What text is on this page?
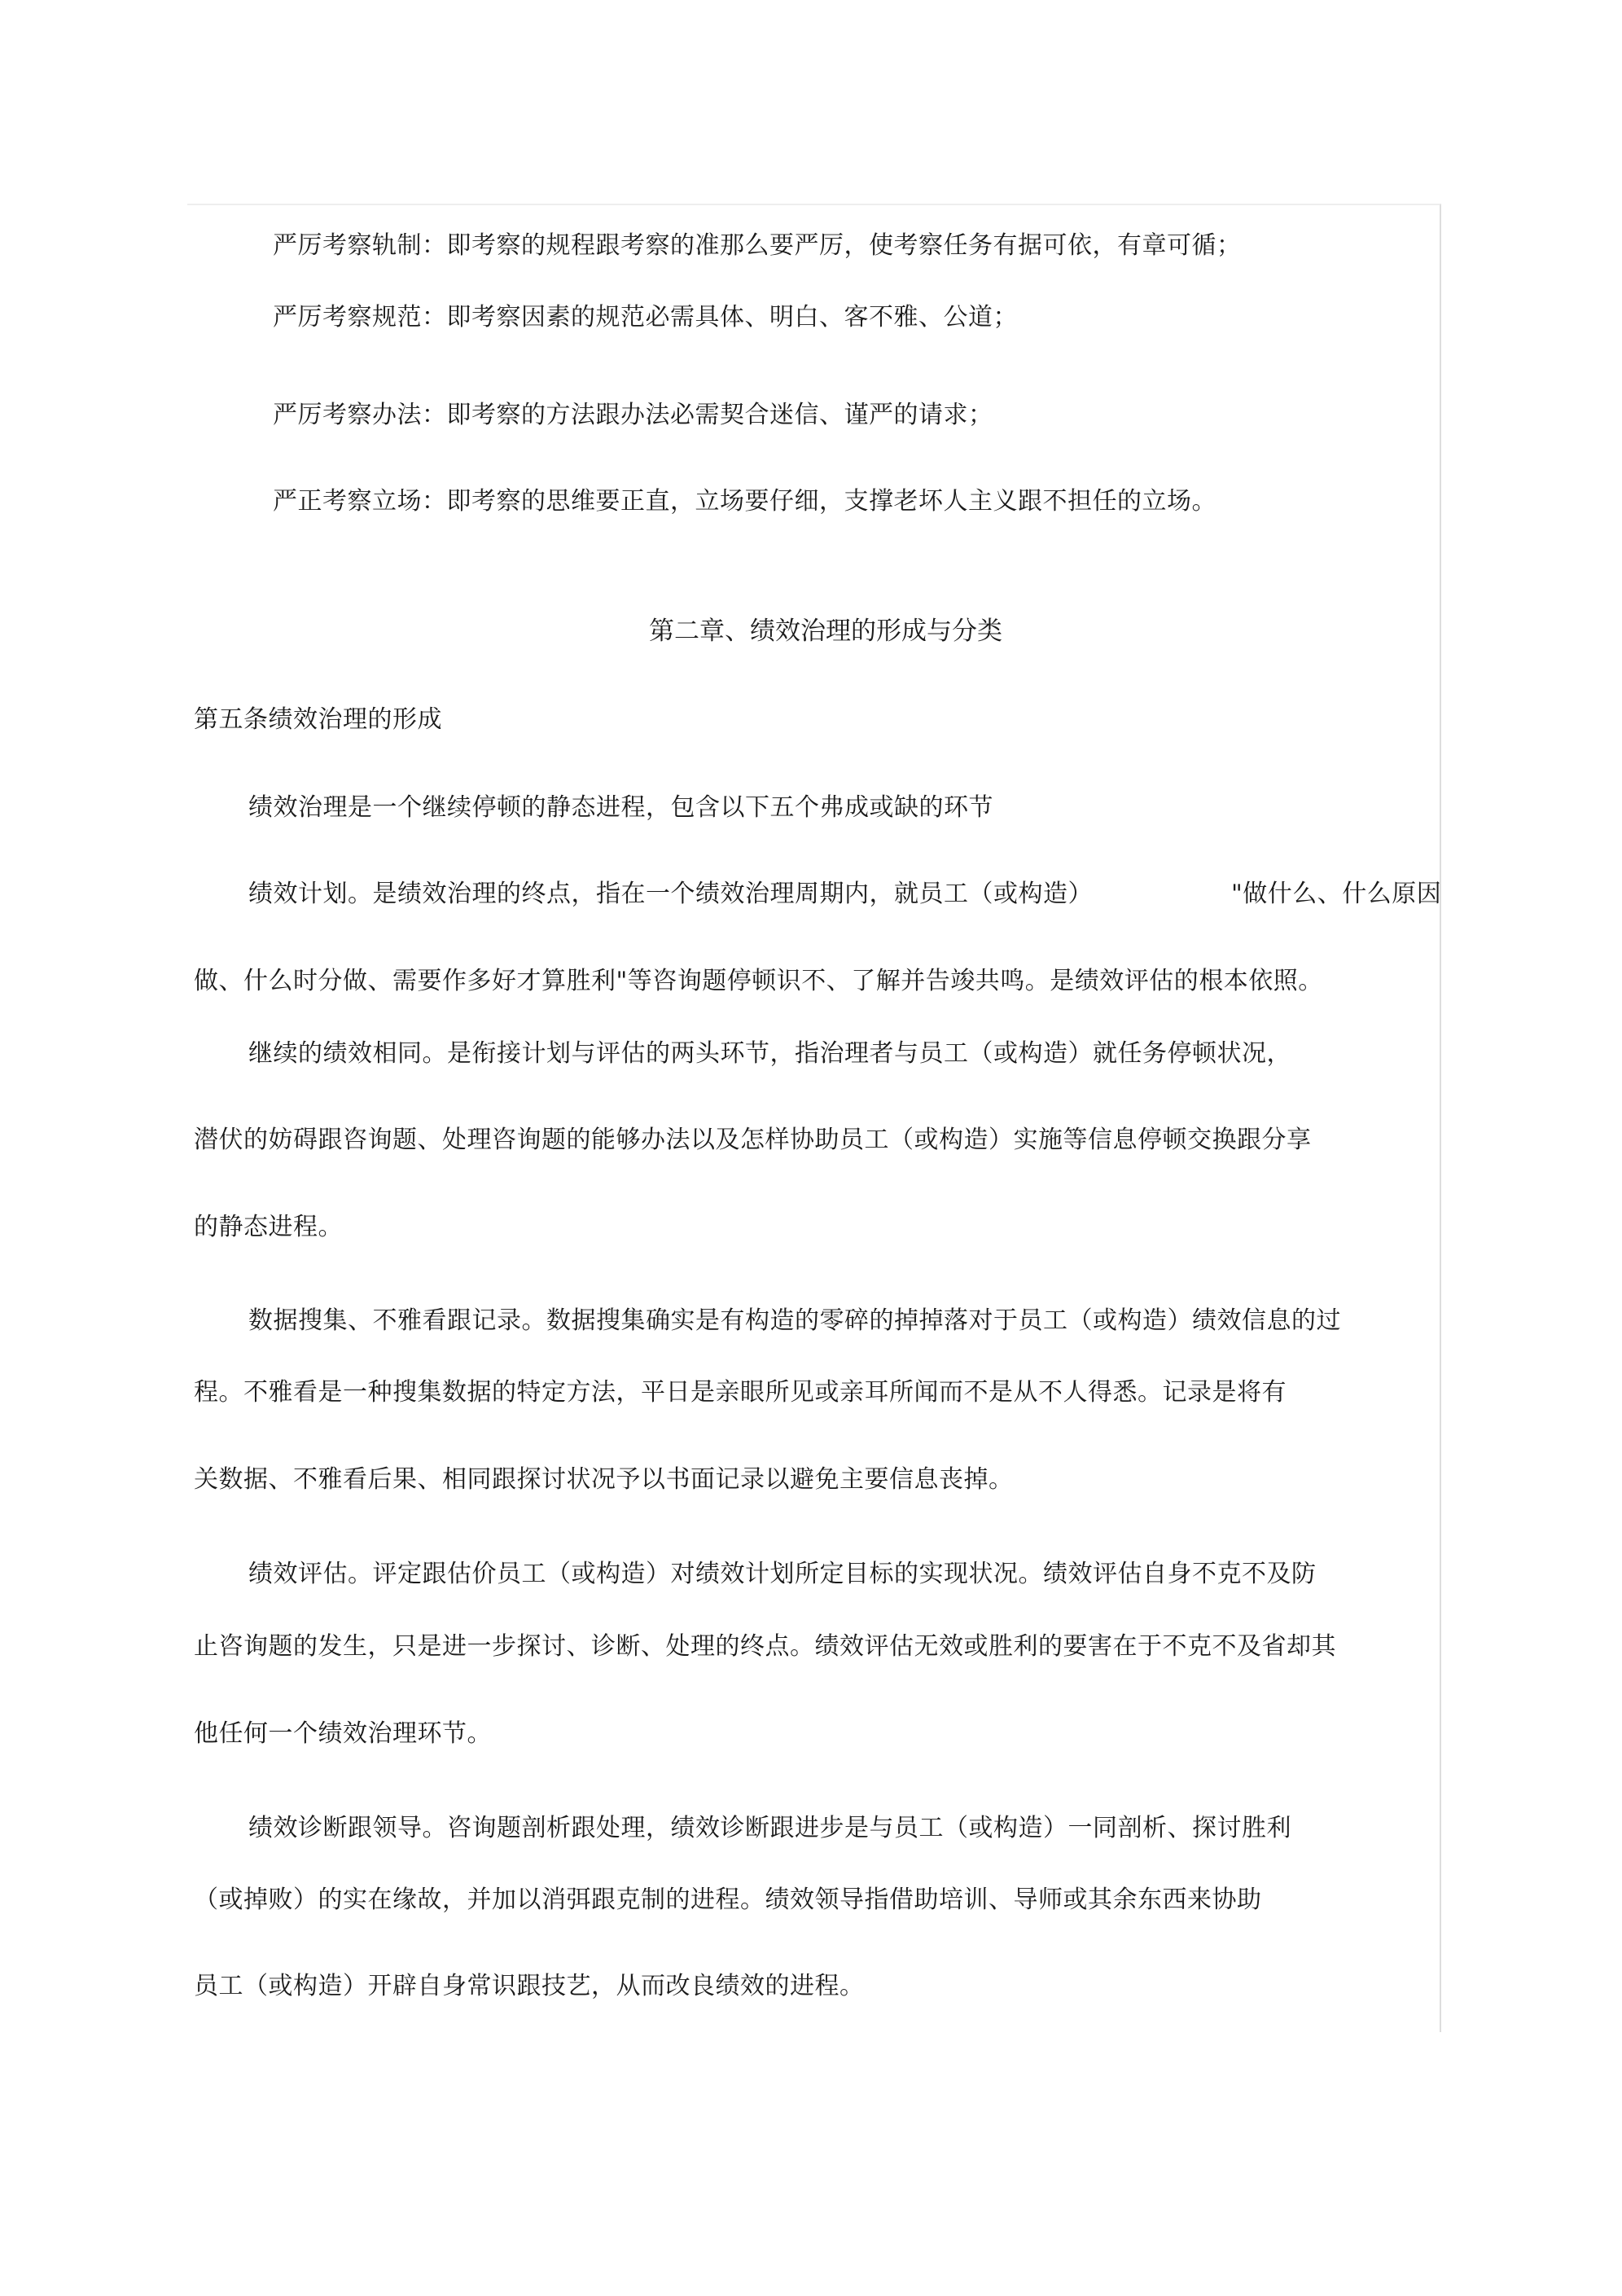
严厉考察轨制：即考察的规程跟考察的准那么要严厉，使考察任务有据可依，有章可循；
严厉考察规范：即考察因素的规范必需具体、明白、客不雅、公道；
严厉考察办法：即考察的方法跟办法必需契合迷信、谨严的请求；
严正考察立场：即考察的思维要正直，立场要仔细，支撑老坏人主义跟不担任的立场。
第二章、绩效治理的形成与分类
第五条绩效治理的形成
绩效治理是一个继续停顿的静态进程，包含以下五个弗成或缺的环节
绩效计划。是绩效治理的终点，指在一个绩效治理周期内，就员工（或构造）	"做什么、什么原因
做、什么时分做、需要作多好才算胜利"等咨询题停顿识不、了解并告竣共鸣。是绩效评估的根本依照。
继续的绩效相同。是衔接计划与评估的两头环节，指治理者与员工（或构造）就任务停顿状况，
潜伏的妨碍跟咨询题、处理咨询题的能够办法以及怎样协助员工（或构造）实施等信息停顿交换跟分享
的静态进程。
数据搜集、不雅看跟记录。数据搜集确实是有构造的零碎的掉掉落对于员工（或构造）绩效信息的过
程。不雅看是一种搜集数据的特定方法，平日是亲眼所见或亲耳所闻而不是从不人得悉。记录是将有
关数据、不雅看后果、相同跟探讨状况予以书面记录以避免主要信息丧掉。
绩效评估。评定跟估价员工（或构造）对绩效计划所定目标的实现状况。绩效评估自身不克不及防
止咨询题的发生，只是进一步探讨、诊断、处理的终点。绩效评估无效或胜利的要害在于不克不及省却其
他任何一个绩效治理环节。
绩效诊断跟领导。咨询题剖析跟处理，绩效诊断跟进步是与员工（或构造）一同剖析、探讨胜利
（或掉败）的实在缘故，并加以消弭跟克制的进程。绩效领导指借助培训、导师或其余东西来协助
员工（或构造）开辟自身常识跟技艺，从而改良绩效的进程。
